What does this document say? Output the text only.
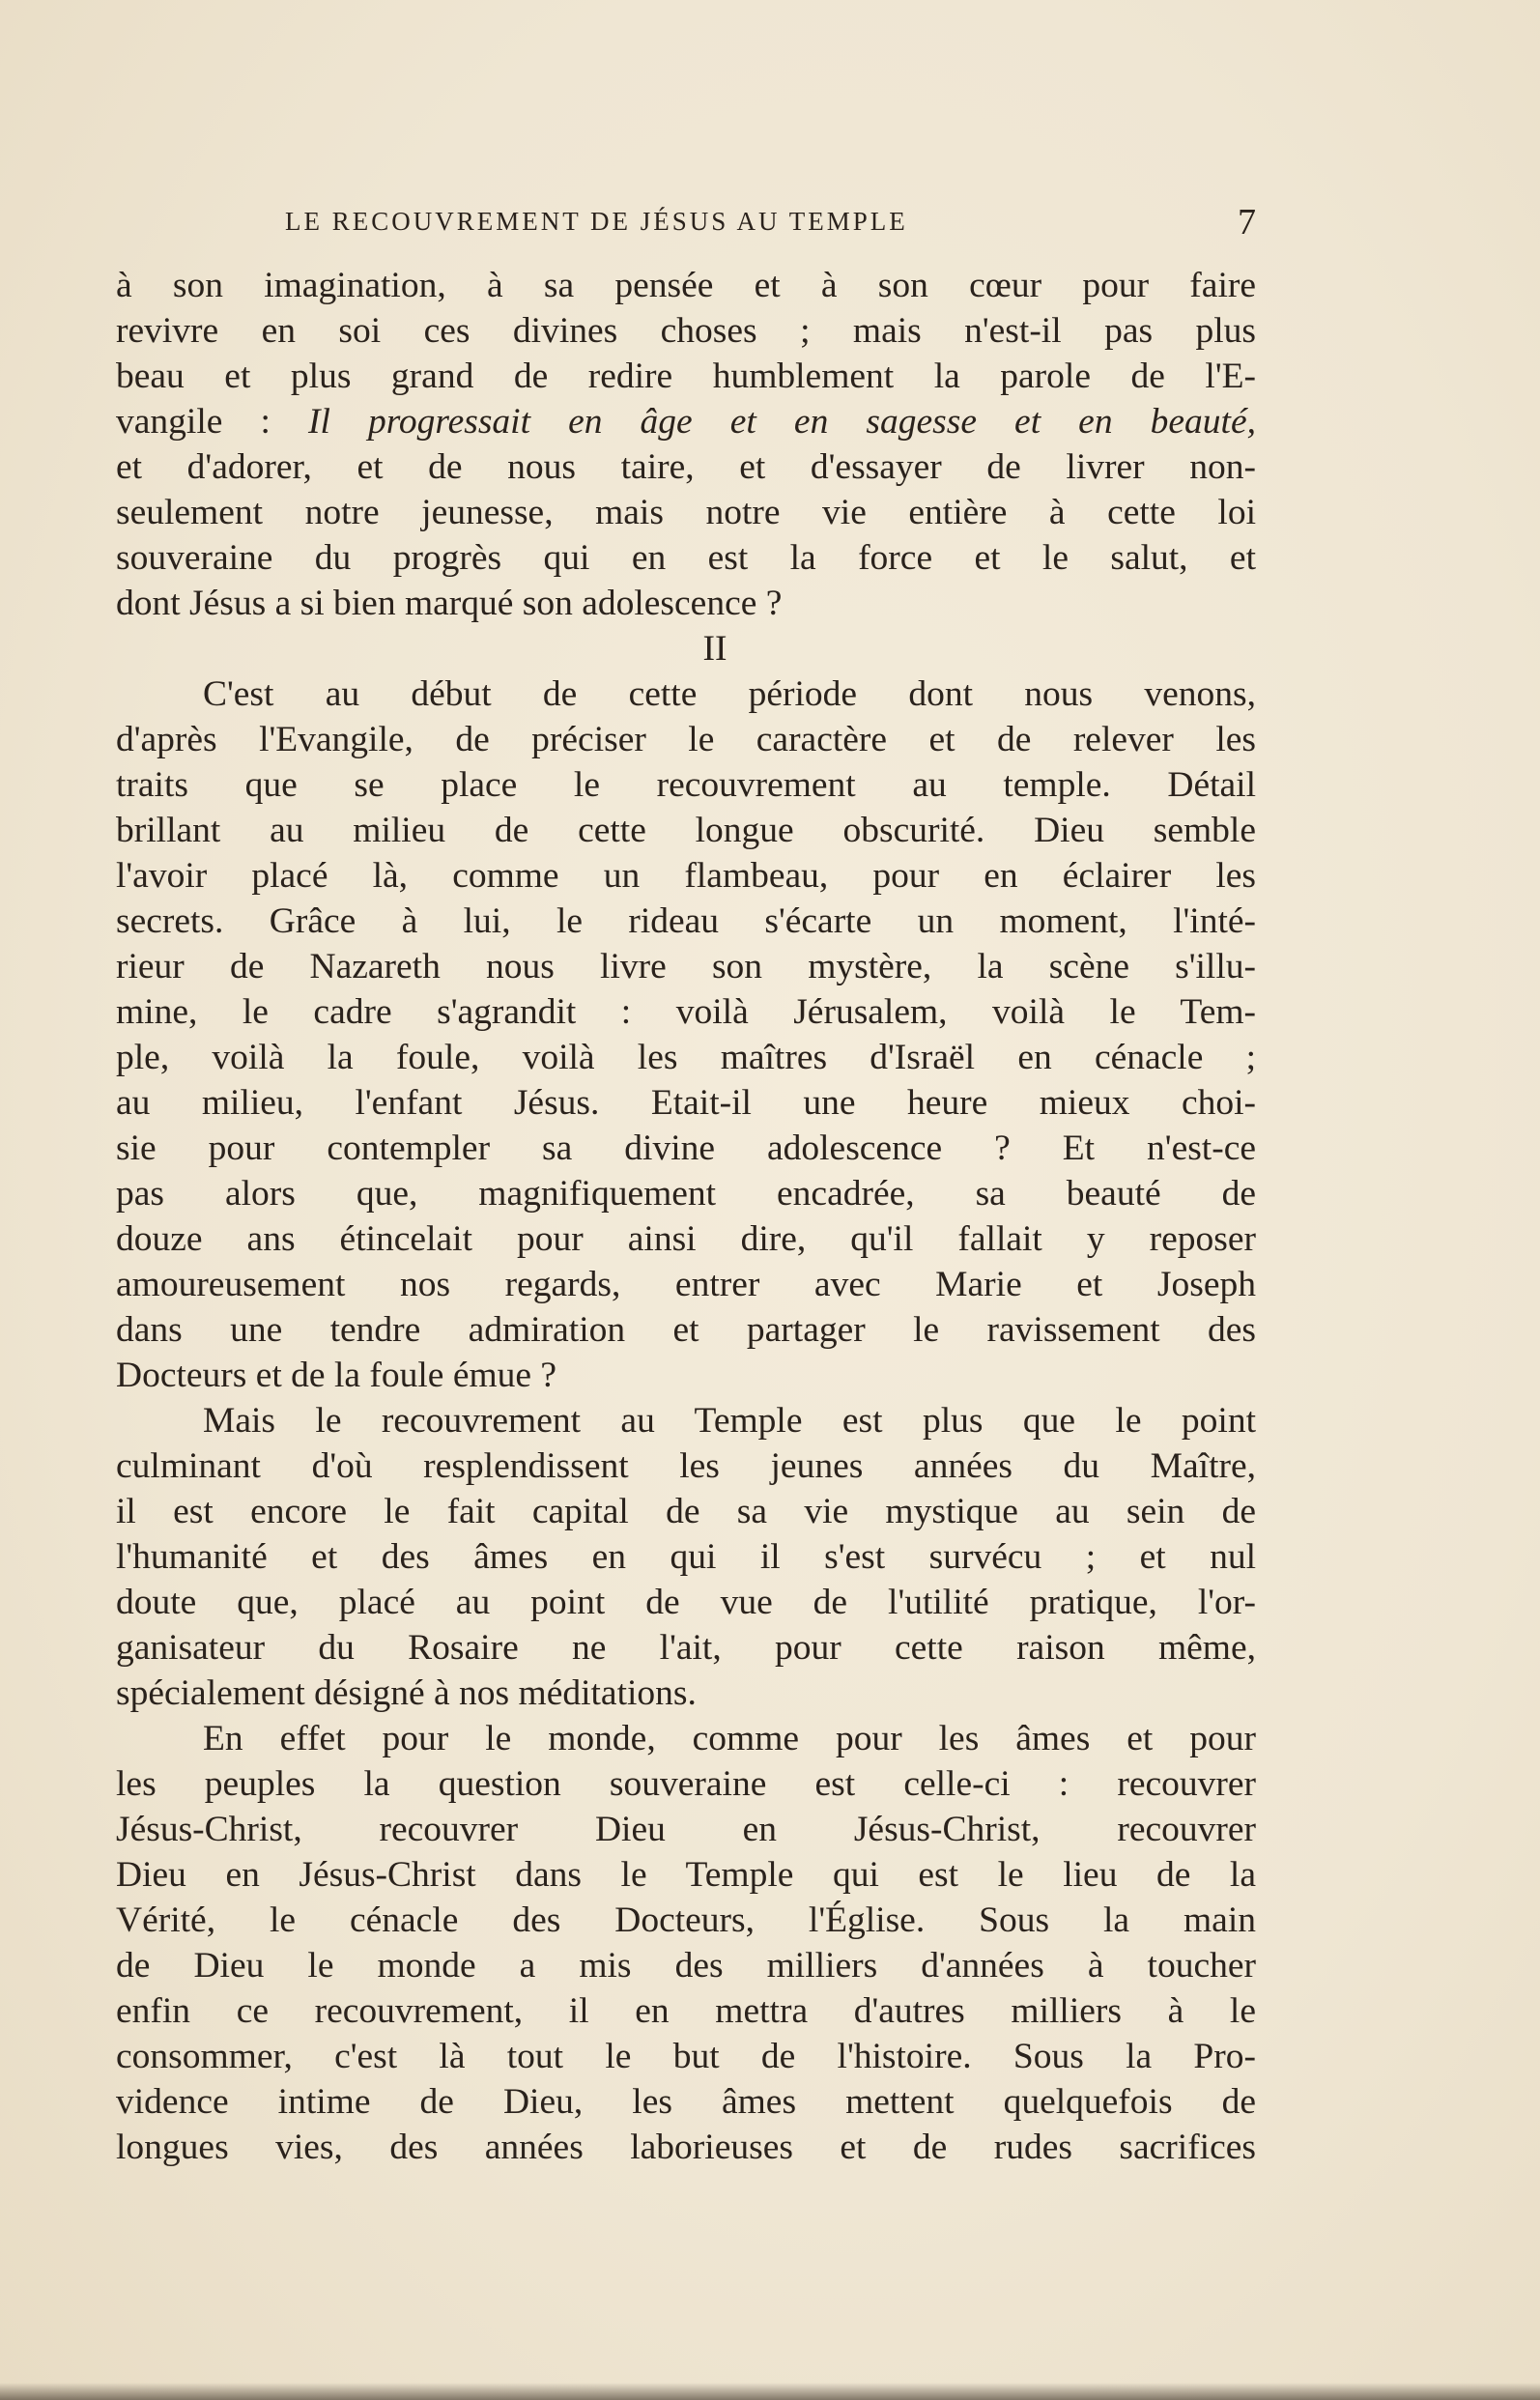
LE RECOUVREMENT DE JÉSUS AU TEMPLE	7
à son imagination, à sa pensée et à son cœur pour faire
revivre en soi ces divines choses ; mais n'est-il pas plus
beau et plus grand de redire humblement la parole de l'E-
vangile : Il progressait en âge et en sagesse et en beauté,
et d'adorer, et de nous taire, et d'essayer de livrer non-
seulement notre jeunesse, mais notre vie entière à cette loi
souveraine du progrès qui en est la force et le salut, et
dont Jésus a si bien marqué son adolescence ?
II
C'est au début de cette période dont nous venons,
d'après l'Evangile, de préciser le caractère et de relever les
traits que se place le recouvrement au temple. Détail
brillant au milieu de cette longue obscurité. Dieu semble
l'avoir placé là, comme un flambeau, pour en éclairer les
secrets. Grâce à lui, le rideau s'écarte un moment, l'inté-
rieur de Nazareth nous livre son mystère, la scène s'illu-
mine, le cadre s'agrandit : voilà Jérusalem, voilà le Tem-
ple, voilà la foule, voilà les maîtres d'Israël en cénacle ;
au milieu, l'enfant Jésus. Etait-il une heure mieux choi-
sie pour contempler sa divine adolescence ? Et n'est-ce
pas alors que, magnifiquement encadrée, sa beauté de
douze ans étincelait pour ainsi dire, qu'il fallait y reposer
amoureusement nos regards, entrer avec Marie et Joseph
dans une tendre admiration et partager le ravissement des
Docteurs et de la foule émue ?
Mais le recouvrement au Temple est plus que le point
culminant d'où resplendissent les jeunes années du Maître,
il est encore le fait capital de sa vie mystique au sein de
l'humanité et des âmes en qui il s'est survécu ; et nul
doute que, placé au point de vue de l'utilité pratique, l'or-
ganisateur du Rosaire ne l'ait, pour cette raison même,
spécialement désigné à nos méditations.
En effet pour le monde, comme pour les âmes et pour
les peuples la question souveraine est celle-ci : recouvrer
Jésus-Christ, recouvrer Dieu en Jésus-Christ, recouvrer
Dieu en Jésus-Christ dans le Temple qui est le lieu de la
Vérité, le cénacle des Docteurs, l'Église. Sous la main
de Dieu le monde a mis des milliers d'années à toucher
enfin ce recouvrement, il en mettra d'autres milliers à le
consommer, c'est là tout le but de l'histoire. Sous la Pro-
vidence intime de Dieu, les âmes mettent quelquefois de
longues vies, des années laborieuses et de rudes sacrifices
